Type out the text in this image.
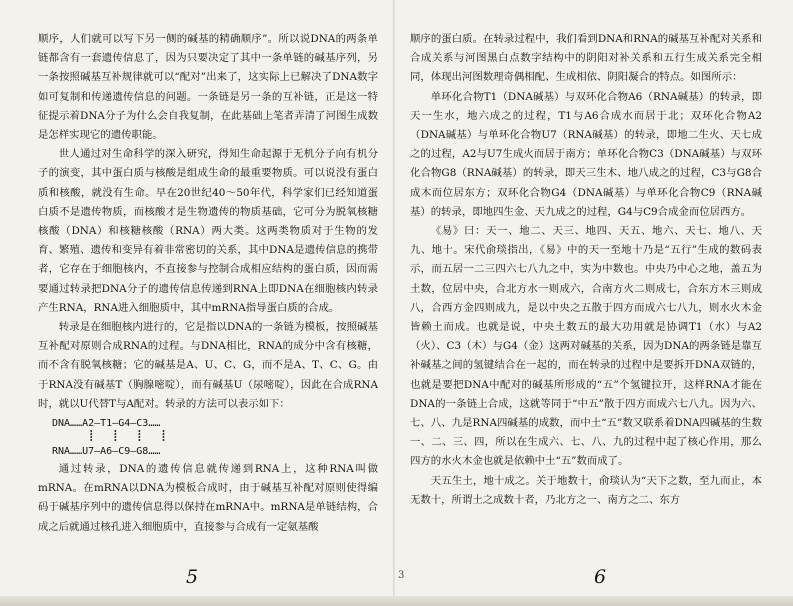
顺序，人们就可以写下另一侧的碱基的精确顺序”。所以说DNA的两条单链都含有一套遗传信息了，因为只要决定了其中一条单链的碱基序列，另一条按照碱基互补规律就可以“配对”出来了，这实际上已解决了DNA数字如可复制和传递遗传信息的问题。一条链是另一条的互补链，正是这一特征提示着DNA分子为什么会自我复制，在此基础上笔者弄清了河图生成数是怎样实现它的遗传职能。

世人通过对生命科学的深入研究，得知生命起源于无机分子向有机分子的演变，其中蛋白质与核酸是组成生命的最重要物质。可以说没有蛋白质和核酸，就没有生命。早在20世纪40～50年代，科学家们已经知道蛋白质不是遗传物质，而核酸才是生物遗传的物质基础，它可分为脱氧核糖核酸（DNA）和核糖核酸（RNA）两大类。这两类物质对于生物的发育、繁殖、遗传和变异有着非常密切的关系，其中DNA是遗传信息的携带者，它存在于细胞核内，不直接参与控制合成相应结构的蛋白质，因而需要通过转录把DNA分子的遗传信息传递到RNA上即DNA在细胞核内转录产生RNA，RNA进入细胞质中，其中mRNA指导蛋白质的合成。

转录是在细胞核内进行的，它是指以DNA的一条链为模板，按照碱基互补配对原则合成RNA的过程。与DNA相比，RNA的成分中含有核糖，而不含有脱氧核糖；它的碱基是A、U、C、G，而不是A、T、C、G。由于RNA没有碱基T（胸腺嘧啶），而有碱基U（尿嘧啶），因此在合成RNA时，就以U代替T与A配对。转录的方法可以表示如下：

DNA……A2—T1—G4—C3……
┋   ┋   ┋   ┋
RNA……U7—A6—C9—G8……

通过转录，DNA的遗传信息就传递到RNA上，这种RNA叫做mRNA。在mRNA以DNA为模板合成时，由于碱基互补配对原则使得编码于碱基序列中的遗传信息得以保持在mRNA中。mRNA是单链结构，合成之后就通过核孔进入细胞质中，直接参与合成有一定氨基酸

5	3

顺序的蛋白质。在转录过程中，我们看到DNA和RNA的碱基互补配对关系和合成关系与河图黑白点数字结构中的阴阳对补关系和五行生成关系完全相同，体现出河图数理奇偶相配、生成相依、阴阳凝合的特点。如图所示：

单环化合物T1（DNA碱基）与双环化合物A6（RNA碱基）的转录，即天一生水，地六成之的过程，T1与A6合成水而居于北；双环化合物A2（DNA碱基）与单环化合物U7（RNA碱基）的转录，即地二生火、天七成之的过程，A2与U7生成火而居于南方；单环化合物C3（DNA碱基）与双环化合物G8（RNA碱基）的转录，即天三生木、地八成之的过程，C3与G8合成木而位居东方；双环化合物G4（DNA碱基）与单环化合物C9（RNA碱基）的转录，即地四生金、天九成之的过程，G4与C9合成金而位居西方。

《易》曰：天一、地二、天三、地四、天五、地六、天七、地八、天九、地十。宋代俞琰指出，《易》中的天一至地十乃是“五行”生成的数码表示，而五居一二三四六七八九之中，实为中数也。中央乃中心之地，盖五为土数，位居中央，合北方水一则成六，合南方火二则成七，合东方木三则成八，合西方金四则成九，是以中央之五散于四方而成六七八九，则水火木金皆赖土而成。也就是说，中央土数五的最大功用就是协调T1（水）与A2（火）、C3（木）与G4（金）这两对碱基的关系，因为DNA的两条链是靠互补碱基之间的氢键结合在一起的，而在转录的过程中是要拆开DNA双链的，也就是要把DNA中配对的碱基所形成的“五”个氢键拉开，这样RNA才能在DNA的一条链上合成，这就等同于“中五”散于四方而成六七八九。因为六、七、八、九是RNA四碱基的成数，而中土“五”数又联系着DNA四碱基的生数一、二、三、四，所以在生成六、七、八、九的过程中起了核心作用，那么四方的水火木金也就是依赖中土“五”数而成了。

天五生土，地十成之。关于地数十，俞琰认为“天下之数，至九而止，本无数十，所谓土之成数十者，乃北方之一、南方之二、东方

6
